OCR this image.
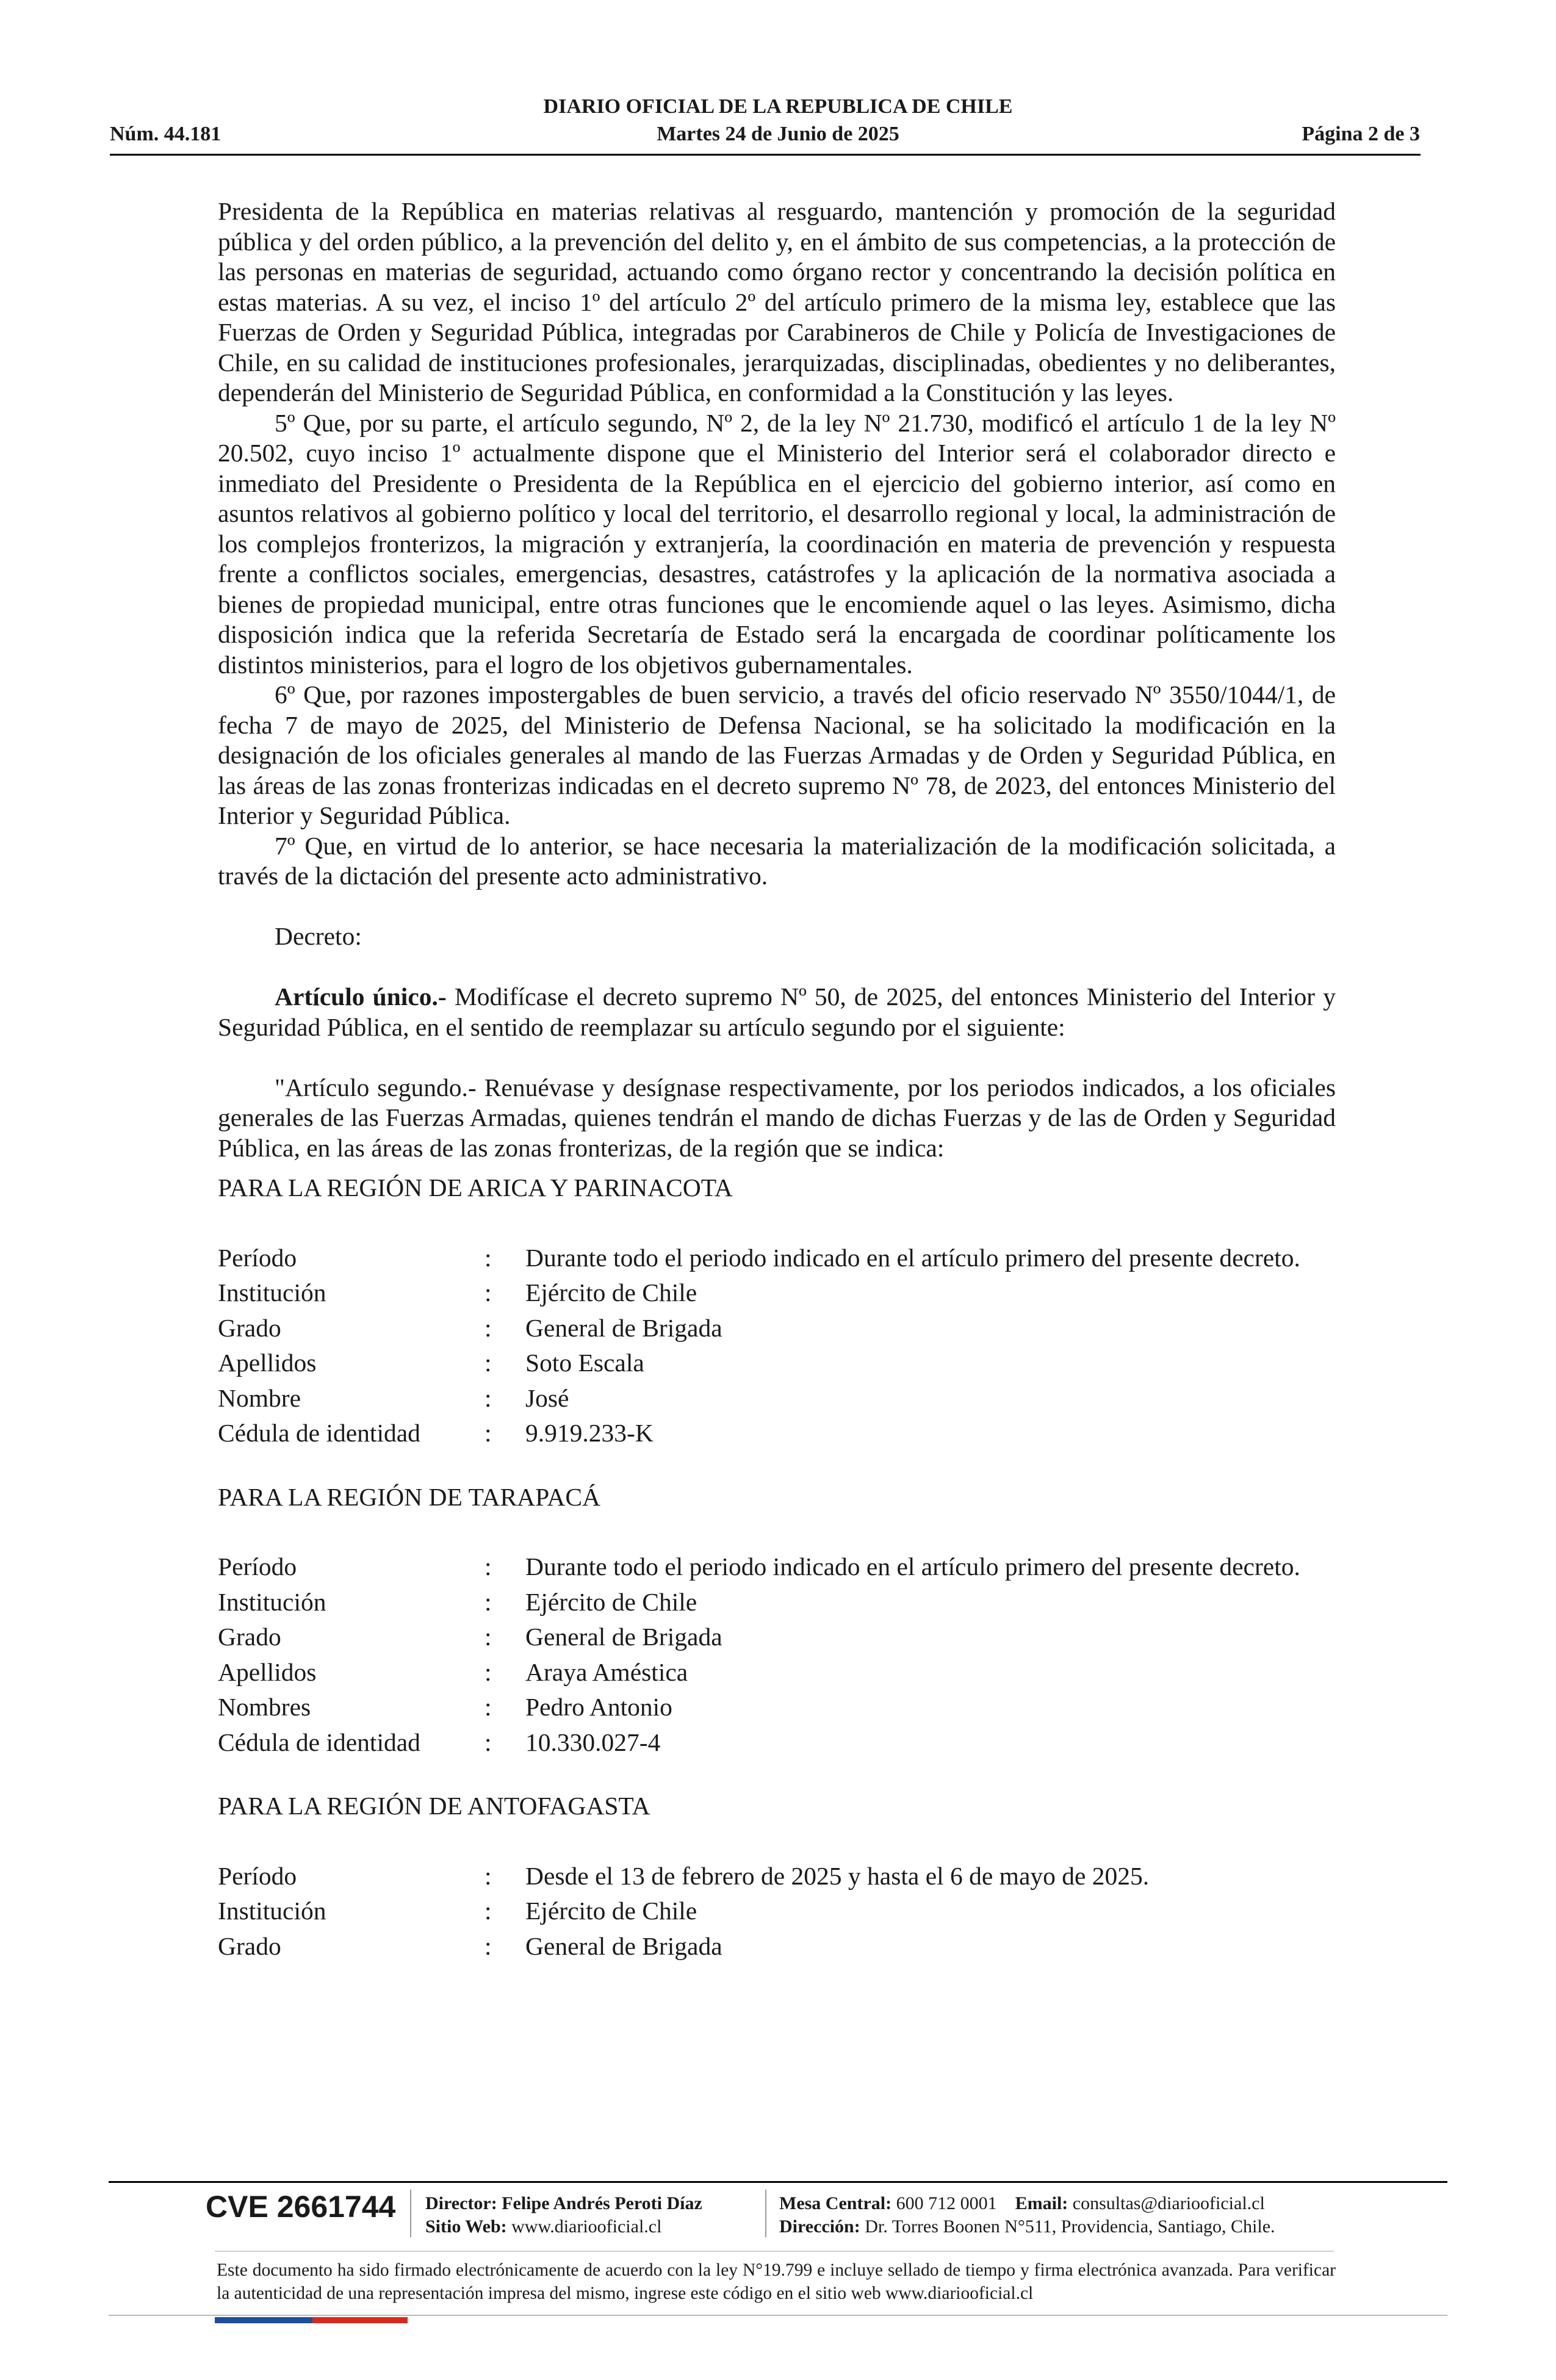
DIARIO OFICIAL DE LA REPUBLICA DE CHILE
Núm. 44.181	Martes 24 de Junio de 2025	Página 2 de 3

Presidenta de la República en materias relativas al resguardo, mantención y promoción de la seguridad pública y del orden público, a la prevención del delito y, en el ámbito de sus competencias, a la protección de las personas en materias de seguridad, actuando como órgano rector y concentrando la decisión política en estas materias. A su vez, el inciso 1º del artículo 2º del artículo primero de la misma ley, establece que las Fuerzas de Orden y Seguridad Pública, integradas por Carabineros de Chile y Policía de Investigaciones de Chile, en su calidad de instituciones profesionales, jerarquizadas, disciplinadas, obedientes y no deliberantes, dependerán del Ministerio de Seguridad Pública, en conformidad a la Constitución y las leyes.

5º Que, por su parte, el artículo segundo, Nº 2, de la ley Nº 21.730, modificó el artículo 1 de la ley Nº 20.502, cuyo inciso 1º actualmente dispone que el Ministerio del Interior será el colaborador directo e inmediato del Presidente o Presidenta de la República en el ejercicio del gobierno interior, así como en asuntos relativos al gobierno político y local del territorio, el desarrollo regional y local, la administración de los complejos fronterizos, la migración y extranjería, la coordinación en materia de prevención y respuesta frente a conflictos sociales, emergencias, desastres, catástrofes y la aplicación de la normativa asociada a bienes de propiedad municipal, entre otras funciones que le encomiende aquel o las leyes. Asimismo, dicha disposición indica que la referida Secretaría de Estado será la encargada de coordinar políticamente los distintos ministerios, para el logro de los objetivos gubernamentales.

6º Que, por razones impostergables de buen servicio, a través del oficio reservado Nº 3550/1044/1, de fecha 7 de mayo de 2025, del Ministerio de Defensa Nacional, se ha solicitado la modificación en la designación de los oficiales generales al mando de las Fuerzas Armadas y de Orden y Seguridad Pública, en las áreas de las zonas fronterizas indicadas en el decreto supremo Nº 78, de 2023, del entonces Ministerio del Interior y Seguridad Pública.

7º Que, en virtud de lo anterior, se hace necesaria la materialización de la modificación solicitada, a través de la dictación del presente acto administrativo.

Decreto:

Artículo único.- Modifícase el decreto supremo Nº 50, de 2025, del entonces Ministerio del Interior y Seguridad Pública, en el sentido de reemplazar su artículo segundo por el siguiente:

"Artículo segundo.- Renuévase y desígnase respectivamente, por los periodos indicados, a los oficiales generales de las Fuerzas Armadas, quienes tendrán el mando de dichas Fuerzas y de las de Orden y Seguridad Pública, en las áreas de las zonas fronterizas, de la región que se indica:

PARA LA REGIÓN DE ARICA Y PARINACOTA

Período	:	Durante todo el periodo indicado en el artículo primero del presente decreto.
Institución	:	Ejército de Chile
Grado	:	General de Brigada
Apellidos	:	Soto Escala
Nombre	:	José
Cédula de identidad	:	9.919.233-K

PARA LA REGIÓN DE TARAPACÁ

Período	:	Durante todo el periodo indicado en el artículo primero del presente decreto.
Institución	:	Ejército de Chile
Grado	:	General de Brigada
Apellidos	:	Araya Améstica
Nombres	:	Pedro Antonio
Cédula de identidad	:	10.330.027-4

PARA LA REGIÓN DE ANTOFAGASTA

Período	:	Desde el 13 de febrero de 2025 y hasta el 6 de mayo de 2025.
Institución	:	Ejército de Chile
Grado	:	General de Brigada
CVE 2661744 Director: Felipe Andrés Peroti Díaz
Sitio Web: www.diariooficial.cl
Mesa Central: 600 712 0001 Email: consultas@diariooficial.cl
Dirección: Dr. Torres Boonen N°511, Providencia, Santiago, Chile.
Este documento ha sido firmado electrónicamente de acuerdo con la ley N°19.799 e incluye sellado de tiempo y firma electrónica avanzada. Para verificar la autenticidad de una representación impresa del mismo, ingrese este código en el sitio web www.diariooficial.cl
